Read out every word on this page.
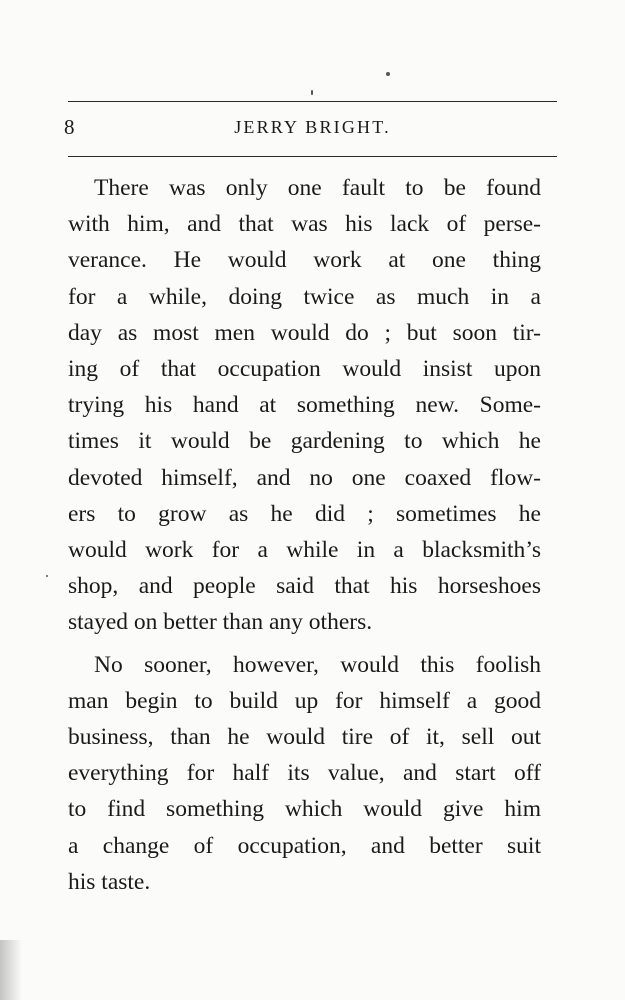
8	JERRY BRIGHT.

There was only one fault to be found
with him, and that was his lack of perse-
verance. He would work at one thing
for a while, doing twice as much in a
day as most men would do ; but soon tir-
ing of that occupation would insist upon
trying his hand at something new. Some-
times it would be gardening to which he
devoted himself, and no one coaxed flow-
ers to grow as he did ; sometimes he
would work for a while in a blacksmith’s
shop, and people said that his horseshoes
stayed on better than any others.

No sooner, however, would this foolish
man begin to build up for himself a good
business, than he would tire of it, sell out
everything for half its value, and start off
to find something which would give him
a change of occupation, and better suit
his taste.
